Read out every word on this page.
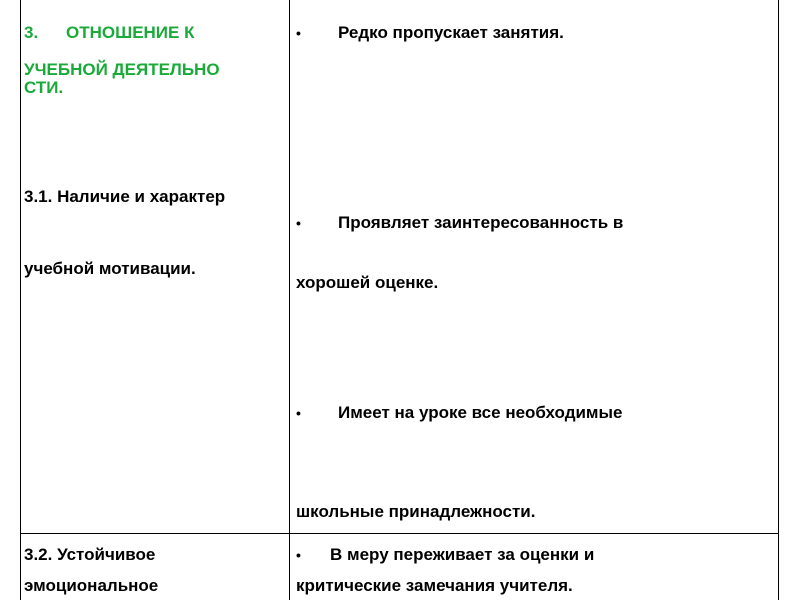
3.	ОТНОШЕНИЕ К
УЧЕБНОЙ ДЕЯТЕЛЬНО
СТИ.
3.1. Наличие и характер
учебной мотивации.
• Редко пропускает занятия.
• Проявляет заинтересованность в
хорошей оценке.
• Имеет на уроке все необходимые
школьные принадлежности.
3.2. Устойчивое
эмоциональное
• В меру переживает за оценки и
критические замечания учителя.
